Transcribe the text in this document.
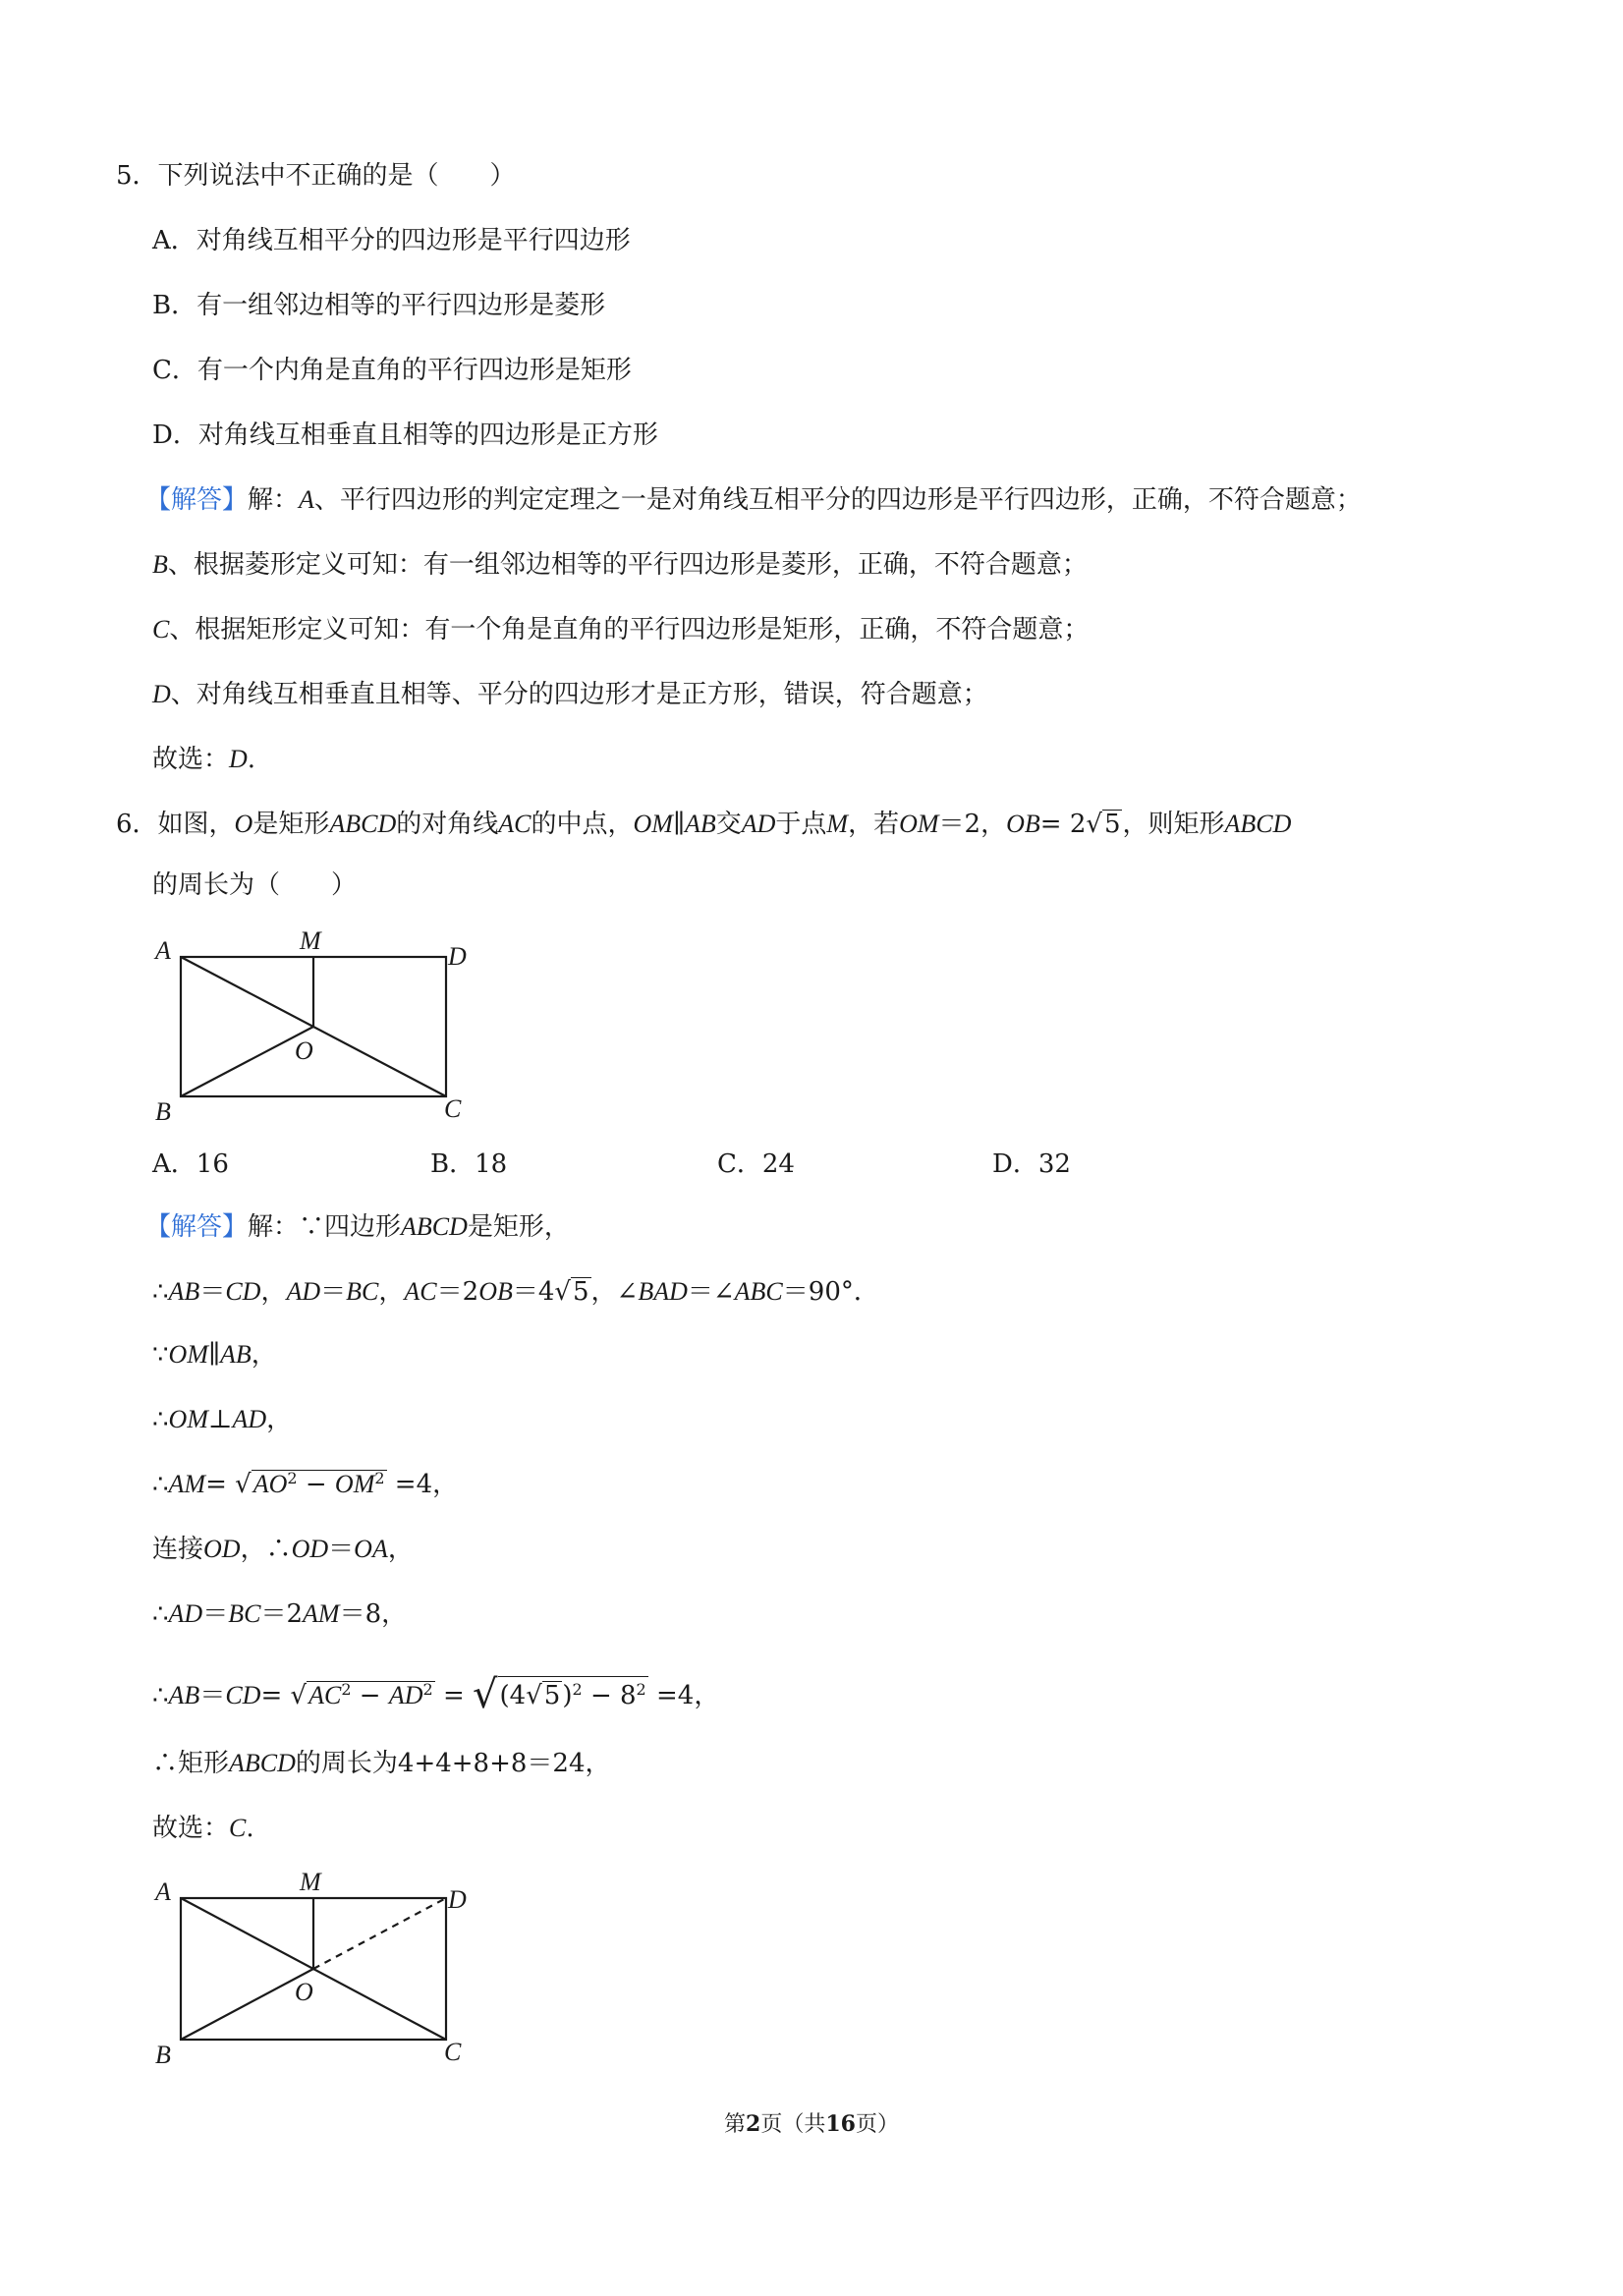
5．下列说法中不正确的是（　　）
A．对角线互相平分的四边形是平行四边形
B．有一组邻边相等的平行四边形是菱形
C．有一个内角是直角的平行四边形是矩形
D．对角线互相垂直且相等的四边形是正方形
【解答】解：A、平行四边形的判定定理之一是对角线互相平分的四边形是平行四边形，正确，不符合题意；
B、根据菱形定义可知：有一组邻边相等的平行四边形是菱形，正确，不符合题意；
C、根据矩形定义可知：有一个角是直角的平行四边形是矩形，正确，不符合题意；
D、对角线互相垂直且相等、平分的四边形才是正方形，错误，符合题意；
故选：D.
6．如图，O是矩形ABCD的对角线AC的中点，OM∥AB交AD于点M，若OM＝2，OB= 2√5，则矩形ABCD
的周长为（　　）
A	M
D
O
B	C
A．16	B．18	C．24	D．32
【解答】解：∵四边形ABCD是矩形，
∴AB＝CD，AD＝BC，AC＝2OB＝4√5，∠BAD＝∠ABC＝90°．
∵OM∥AB，
∴OM⊥AD，
∴AM= $√AO^2 - OM^2 =4$，
连接OD，∴OD＝OA，
∴AD＝BC＝2AM＝8，
∴AB＝CD= $√AC^2 - AD^2 = √(4√5)^2 - 8^2 =4$，
∴矩形ABCD的周长为4+4+8+8＝24，
故选：C.
A	M
D
O
B	C
第2页（共16页）
